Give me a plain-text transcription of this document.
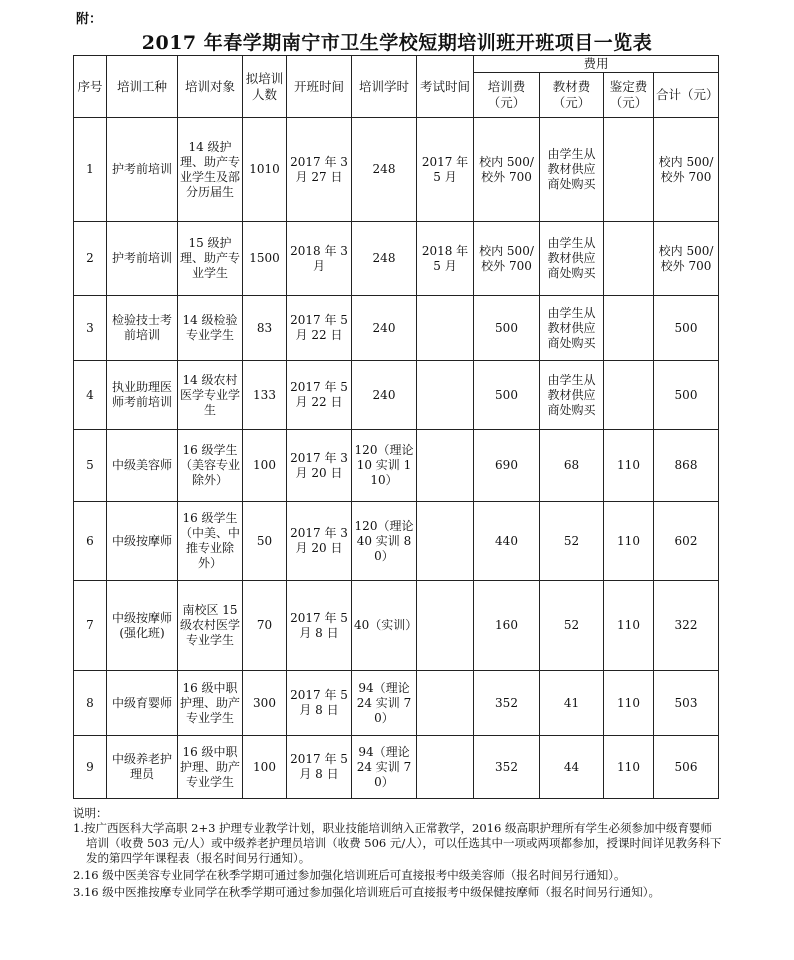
附：
2017 年春学期南宁市卫生学校短期培训班开班项目一览表
序号	培训工种	培训对象	拟培训人数	开班时间	培训学时	考试时间	费用			
							培训费（元）	教材费（元）	鉴定费（元）	合计（元）
1	护考前培训	14 级护理、助产专业学生及部分历届生	1010	2017 年 3 月 27 日	248	2017 年 5 月	校内 500/校外 700	由学生从教材供应商处购买		校内 500/校外 700
2	护考前培训	15 级护理、助产专业学生	1500	2018 年 3 月	248	2018 年 5 月	校内 500/校外 700	由学生从教材供应商处购买		校内 500/校外 700
3	检验技士考前培训	14 级检验专业学生	83	2017 年 5 月 22 日	240		500	由学生从教材供应商处购买		500
4	执业助理医师考前培训	14 级农村医学专业学生	133	2017 年 5 月 22 日	240		500	由学生从教材供应商处购买		500
5	中级美容师	16 级学生（美容专业除外）	100	2017 年 3 月 20 日	120（理论 10 实训 110）		690	68	110	868
6	中级按摩师	16 级学生（中美、中推专业除外）	50	2017 年 3 月 20 日	120（理论 40 实训 80）		440	52	110	602
7	中级按摩师(强化班)	南校区 15 级农村医学专业学生	70	2017 年 5 月 8 日	40（实训）		160	52	110	322
8	中级育婴师	16 级中职护理、助产专业学生	300	2017 年 5 月 8 日	94（理论 24 实训 70）		352	41	110	503
9	中级养老护理员	16 级中职护理、助产专业学生	100	2017 年 5 月 8 日	94（理论 24 实训 70）		352	44	110	506
说明：
1.按广西医科大学高职 2+3 护理专业教学计划，职业技能培训纳入正常教学，2016 级高职护理所有学生必须参加中级育婴师培训（收费 503 元/人）或中级养老护理员培训（收费 506 元/人），可以任选其中一项或两项都参加，授课时间详见教务科下发的第四学年课程表（报名时间另行通知）。
2.16 级中医美容专业同学在秋季学期可通过参加强化培训班后可直接报考中级美容师（报名时间另行通知）。
3.16 级中医推按摩专业同学在秋季学期可通过参加强化培训班后可直接报考中级保健按摩师（报名时间另行通知）。
